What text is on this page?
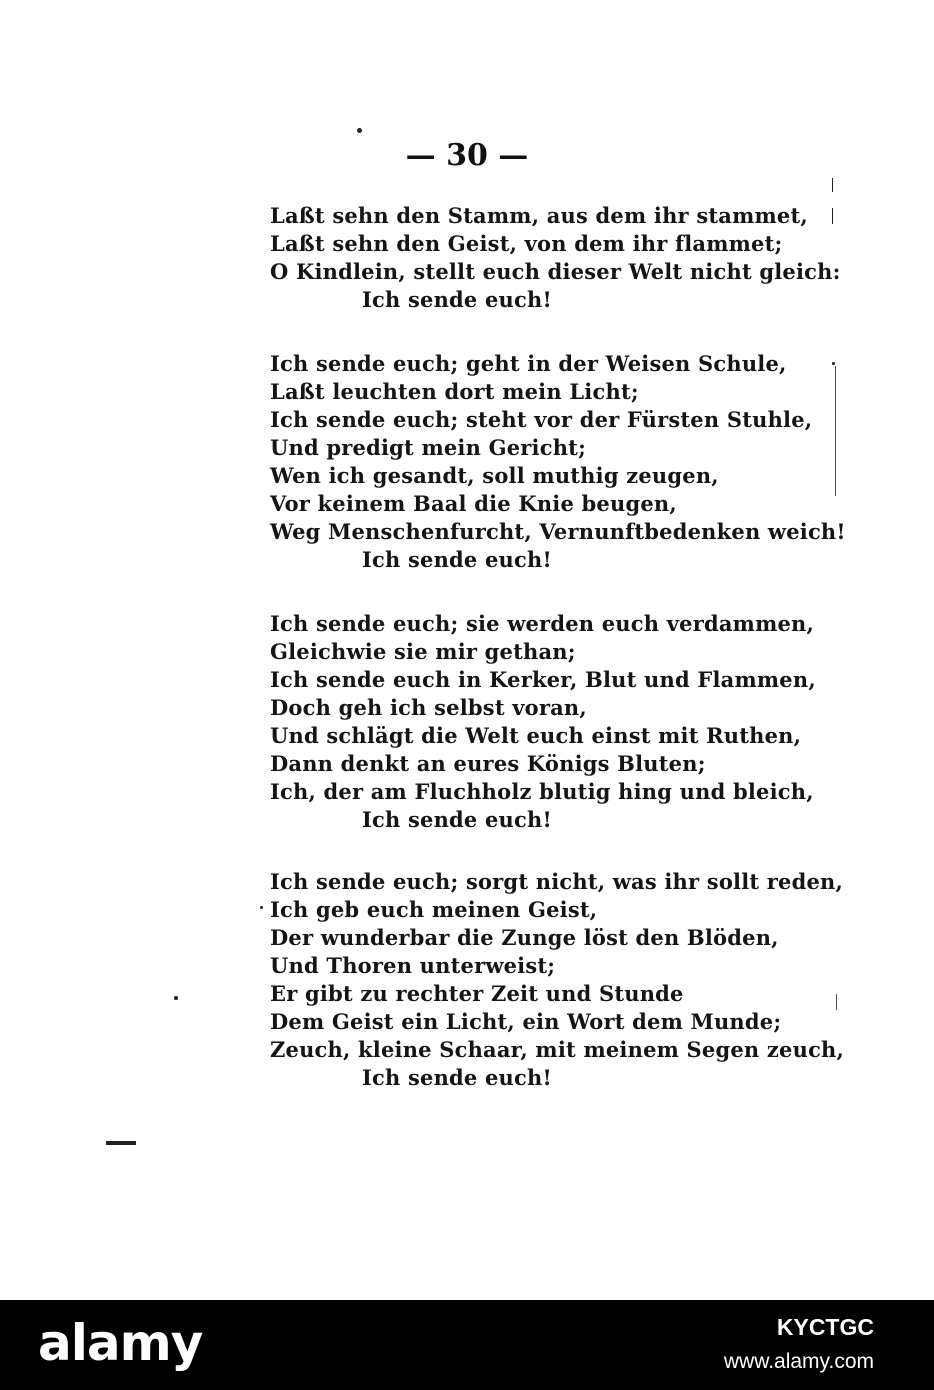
— 30 —
Laßt sehn den Stamm, aus dem ihr stammet,
Laßt sehn den Geist, von dem ihr flammet;
O Kindlein, stellt euch dieser Welt nicht gleich:
Ich sende euch!
Ich sende euch; geht in der Weisen Schule,
Laßt leuchten dort mein Licht;
Ich sende euch; steht vor der Fürsten Stuhle,
Und predigt mein Gericht;
Wen ich gesandt, soll muthig zeugen,
Vor keinem Baal die Knie beugen,
Weg Menschenfurcht, Vernunftbedenken weich!
Ich sende euch!
Ich sende euch; sie werden euch verdammen,
Gleichwie sie mir gethan;
Ich sende euch in Kerker, Blut und Flammen,
Doch geh ich selbst voran,
Und schlägt die Welt euch einst mit Ruthen,
Dann denkt an eures Königs Bluten;
Ich, der am Fluchholz blutig hing und bleich,
Ich sende euch!
Ich sende euch; sorgt nicht, was ihr sollt reden,
Ich geb euch meinen Geist,
Der wunderbar die Zunge löst den Blöden,
Und Thoren unterweist;
Er gibt zu rechter Zeit und Stunde
Dem Geist ein Licht, ein Wort dem Munde;
Zeuch, kleine Schaar, mit meinem Segen zeuch,
Ich sende euch!
alamy	KYCTGC
www.alamy.com
